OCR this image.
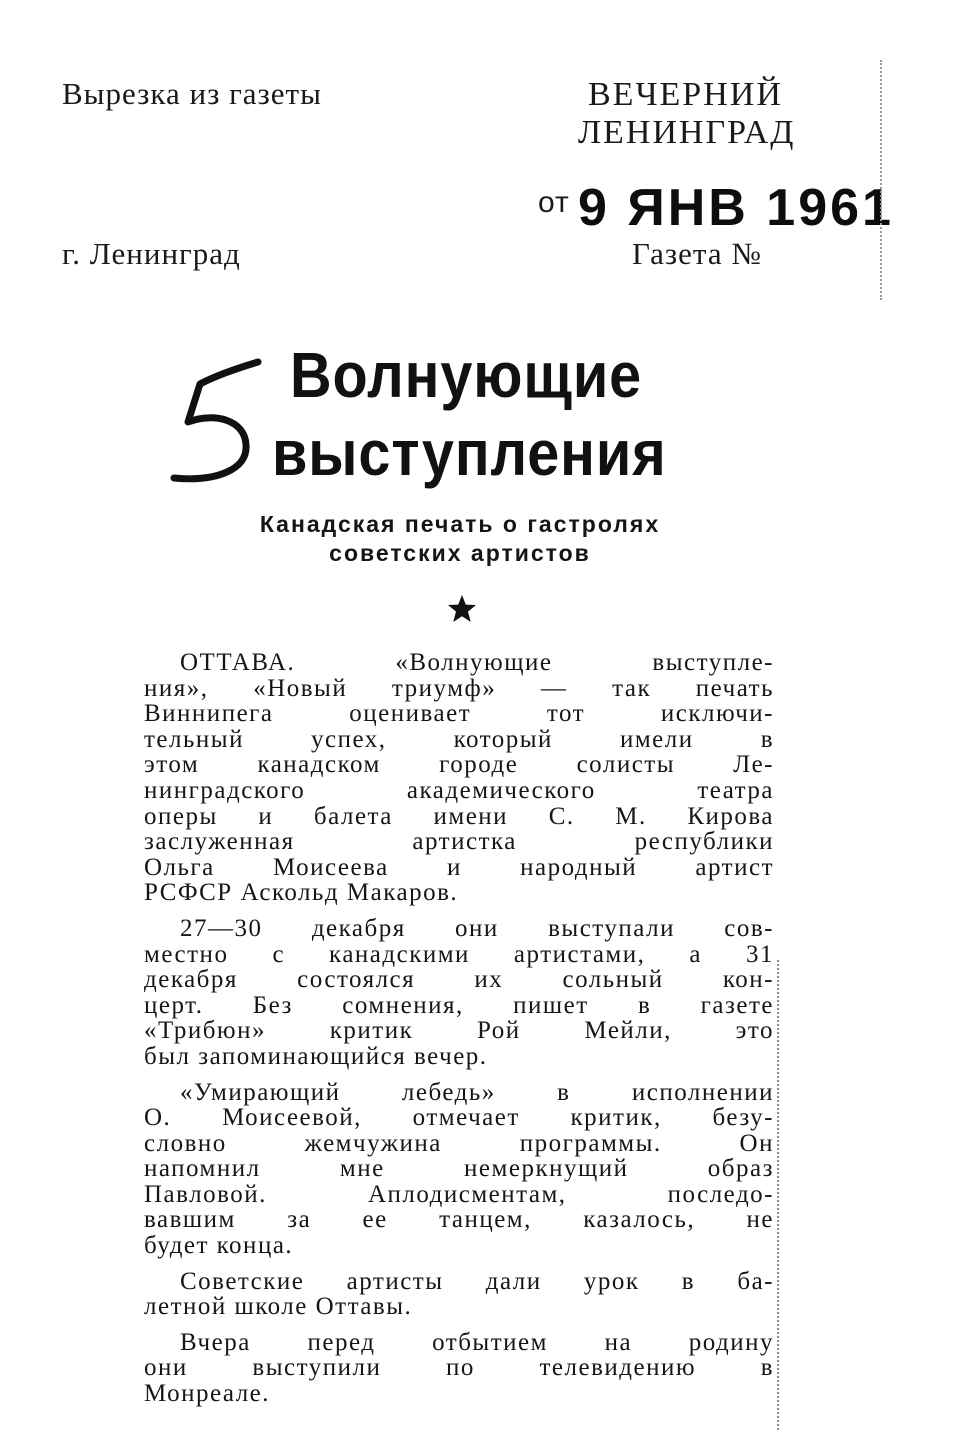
Вырезка из газеты	ВЕЧЕРНИЙ
ЛЕНИНГРАД
от 9 ЯНВ 1961
г. Ленинград	Газета №
Волнующие
выступления
Канадская печать о гастролях
советских артистов
ОТТАВА. «Волнующие выступле-
ния», «Новый триумф» — так печать
Виннипега оценивает тот исключи-
тельный успех, который имели в
этом канадском городе солисты Ле-
нинградского академического театра
оперы и балета имени С. М. Кирова
заслуженная артистка республики
Ольга Моисеева и народный артист
РСФСР Аскольд Макаров.
27—30 декабря они выступали сов-
местно с канадскими артистами, а 31
декабря состоялся их сольный кон-
церт. Без сомнения, пишет в газете
«Трибюн» критик Рой Мейли, это
был запоминающийся вечер.
«Умирающий лебедь» в исполнении
О. Моисеевой, отмечает критик, безу-
словно жемчужина программы. Он
напомнил мне немеркнущий образ
Павловой. Аплодисментам, последо-
вавшим за ее танцем, казалось, не
будет конца.
Советские артисты дали урок в ба-
летной школе Оттавы.
Вчера перед отбытием на родину
они выступили по телевидению в
Монреале.
